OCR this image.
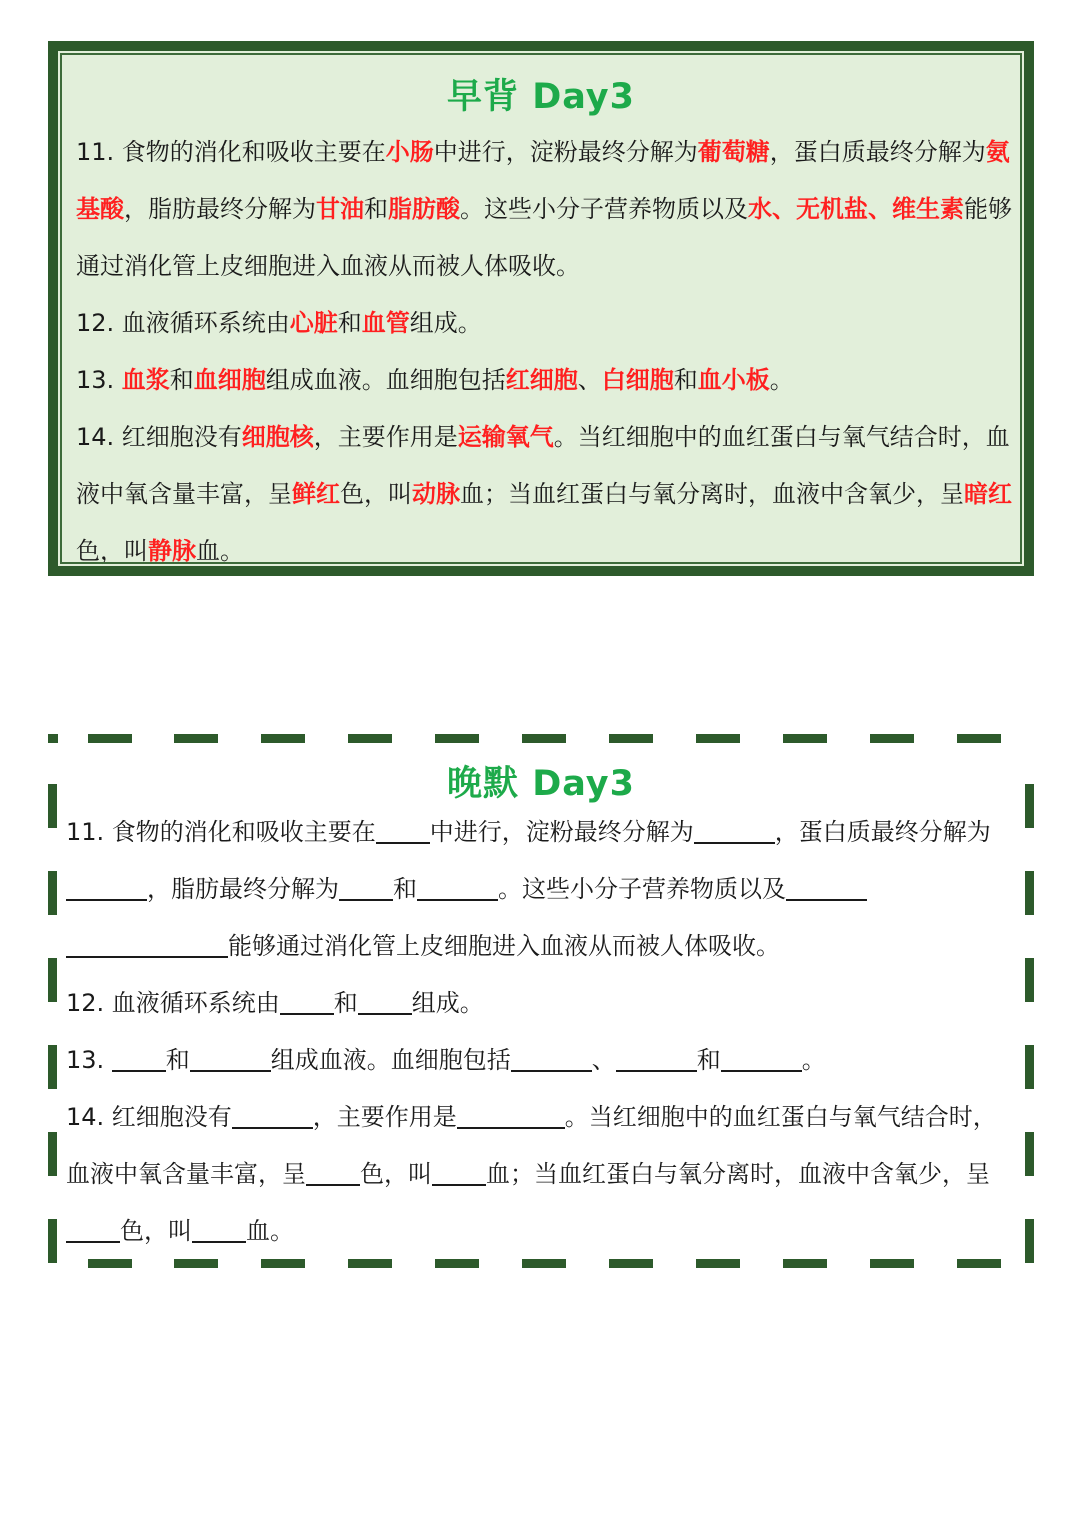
早背 Day3

11. 食物的消化和吸收主要在小肠中进行，淀粉最终分解为葡萄糖，蛋白质最终分解为氨基酸，脂肪最终分解为甘油和脂肪酸。这些小分子营养物质以及水、无机盐、维生素能够通过消化管上皮细胞进入血液从而被人体吸收。

12. 血液循环系统由心脏和血管组成。

13. 血浆和血细胞组成血液。血细胞包括红细胞、白细胞和血小板。

14. 红细胞没有细胞核，主要作用是运输氧气。当红细胞中的血红蛋白与氧气结合时，血液中氧含量丰富，呈鲜红色，叫动脉血；当血红蛋白与氧分离时，血液中含氧少，呈暗红色，叫静脉血。

晚默 Day3

11. 食物的消化和吸收主要在 中进行，淀粉最终分解为	，蛋白质最终分解为，脂肪最终分解为 和	。这些小分子营养物质以及能够通过消化管上皮细胞进入血液从而被人体吸收。

12. 血液循环系统由 和 组成。

13. 和	组成血液。血细胞包括	、	和	。

14. 红细胞没有	，主要作用是	。当红细胞中的血红蛋白与氧气结合时，血液中氧含量丰富，呈 色，叫 血；当血红蛋白与氧分离时，血液中含氧少，呈色，叫 血。
